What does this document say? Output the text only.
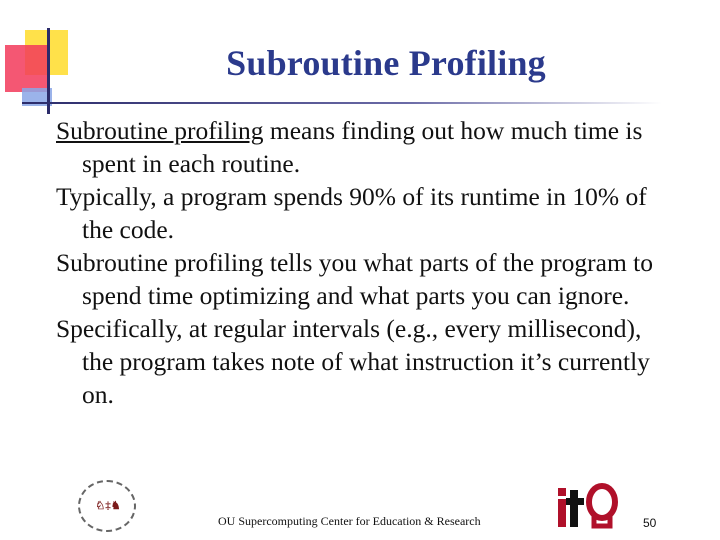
Subroutine Profiling
Subroutine profiling means finding out how much time is spent in each routine.
Typically, a program spends 90% of its runtime in 10% of the code.
Subroutine profiling tells you what parts of the program to spend time optimizing and what parts you can ignore.
Specifically, at regular intervals (e.g., every millisecond), the program takes note of what instruction it’s currently on.
♘‡♞
OU Supercomputing Center for Education & Research	50
